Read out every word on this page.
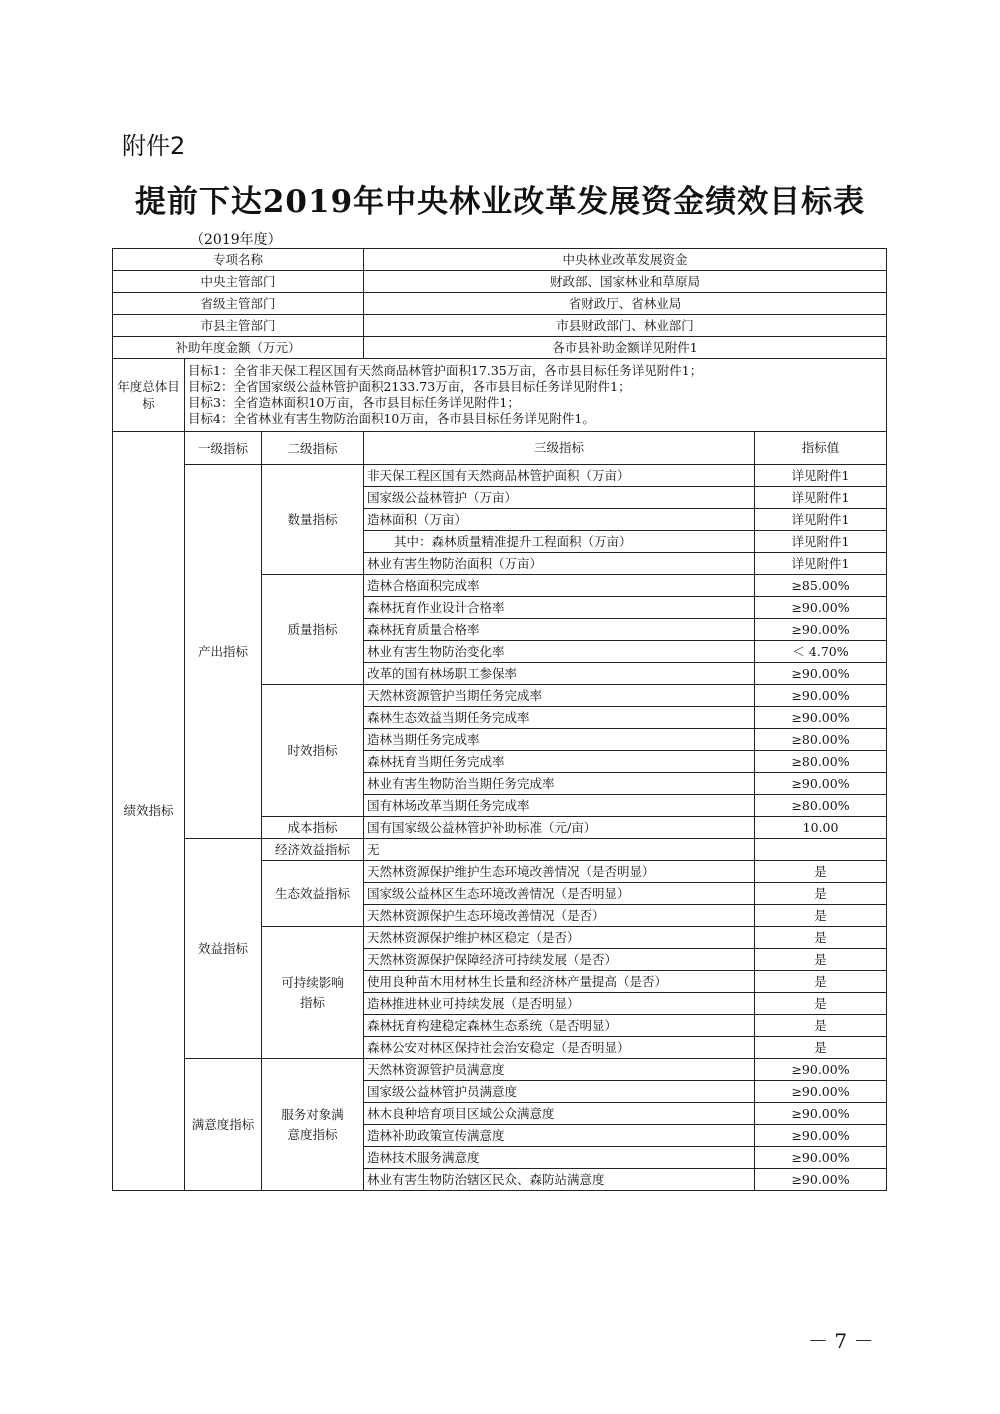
附件2
提前下达2019年中央林业改革发展资金绩效目标表
（2019年度）
专项名称			中央林业改革发展资金	
中央主管部门			财政部、国家林业和草原局	
省级主管部门			省财政厅、省林业局	
市县主管部门			市县财政部门、林业部门	
补助年度金额（万元）			各市县补助金额详见附件1	
年度总体目标	目标1：全省非天保工程区国有天然商品林管护面积17.35万亩，各市县目标任务详见附件1；
目标2：全省国家级公益林管护面积2133.73万亩，各市县目标任务详见附件1；
目标3：全省造林面积10万亩，各市县目标任务详见附件1；
目标4：全省林业有害生物防治面积10万亩，各市县目标任务详见附件1。			

绩效指标	一级指标	二级指标	三级指标	指标值
	产出指标	数量指标	非天保工程区国有天然商品林管护面积（万亩）	详见附件1
			国家级公益林管护（万亩）	详见附件1
			造林面积（万亩）	详见附件1
			其中：森林质量精准提升工程面积（万亩）	详见附件1
			林业有害生物防治面积（万亩）	详见附件1
		质量指标	造林合格面积完成率	≥85.00%
			森林抚育作业设计合格率	≥90.00%
			森林抚育质量合格率	≥90.00%
			林业有害生物防治变化率	＜ 4.70%
			改革的国有林场职工参保率	≥90.00%
		时效指标	天然林资源管护当期任务完成率	≥90.00%
			森林生态效益当期任务完成率	≥90.00%
			造林当期任务完成率	≥80.00%
			森林抚育当期任务完成率	≥80.00%
			林业有害生物防治当期任务完成率	≥90.00%
			国有林场改革当期任务完成率	≥80.00%
		成本指标	国有国家级公益林管护补助标准（元/亩）	10.00
	效益指标	经济效益指标	无	
		生态效益指标	天然林资源保护维护生态环境改善情况（是否明显）	是
			国家级公益林区生态环境改善情况（是否明显）	是
			天然林资源保护生态环境改善情况（是否）	是
		可持续影响指标	天然林资源保护维护林区稳定（是否）	是
			天然林资源保护保障经济可持续发展（是否）	是
			使用良种苗木用材林生长量和经济林产量提高（是否）	是
			造林推进林业可持续发展（是否明显）	是
			森林抚育构建稳定森林生态系统（是否明显）	是
			森林公安对林区保持社会治安稳定（是否明显）	是
	满意度指标	服务对象满意度指标	天然林资源管护员满意度	≥90.00%
			国家级公益林管护员满意度	≥90.00%
			林木良种培育项目区域公众满意度	≥90.00%
			造林补助政策宣传满意度	≥90.00%
			造林技术服务满意度	≥90.00%
			林业有害生物防治辖区民众、森防站满意度	≥90.00%
－ 7 －
